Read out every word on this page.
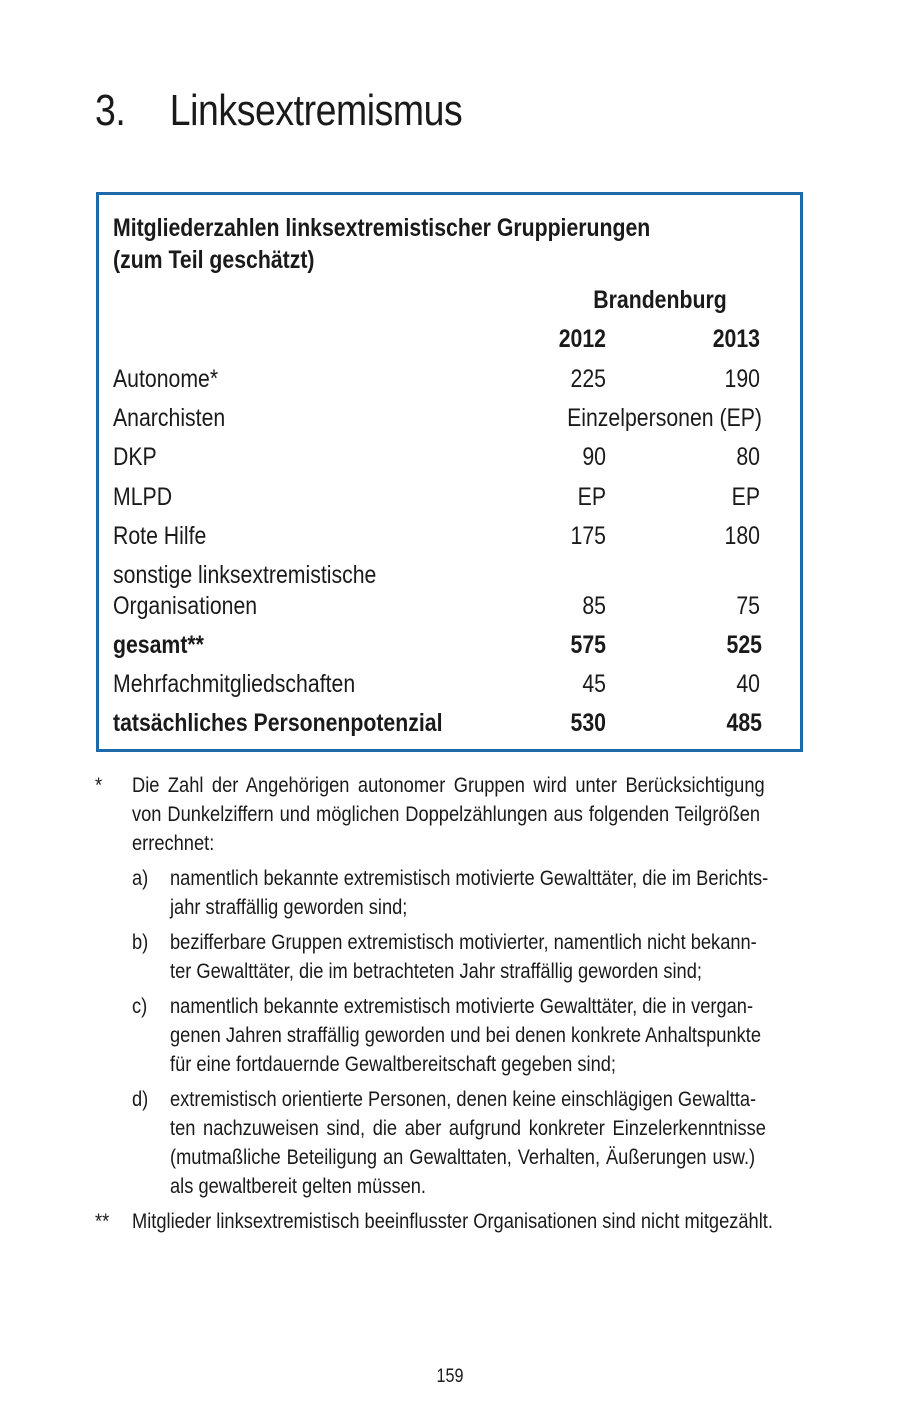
3. Linksextremismus
Mitgliederzahlen linksextremistischer Gruppierungen
(zum Teil geschätzt)
Brandenburg
2012	2013
Autonome*	225	190
Anarchisten	Einzelpersonen (EP)
DKP	90	80
MLPD	EP	EP
Rote Hilfe	175	180
sonstige linksextremistische
Organisationen	85	75
gesamt**	575	525
Mehrfachmitgliedschaften	45	40
tatsächliches Personenpotenzial	530	485
* Die Zahl der Angehörigen autonomer Gruppen wird unter Berücksichtigung
von Dunkelziffern und möglichen Doppelzählungen aus folgenden Teilgrößen
errechnet:
a) namentlich bekannte extremistisch motivierte Gewalttäter, die im Berichts-
jahr straffällig geworden sind;
b) bezifferbare Gruppen extremistisch motivierter, namentlich nicht bekann-
ter Gewalttäter, die im betrachteten Jahr straffällig geworden sind;
c) namentlich bekannte extremistisch motivierte Gewalttäter, die in vergan-
genen Jahren straffällig geworden und bei denen konkrete Anhaltspunkte
für eine fortdauernde Gewaltbereitschaft gegeben sind;
d) extremistisch orientierte Personen, denen keine einschlägigen Gewaltta-
ten nachzuweisen sind, die aber aufgrund konkreter Einzelerkenntnisse
(mutmaßliche Beteiligung an Gewalttaten, Verhalten, Äußerungen usw.)
als gewaltbereit gelten müssen.
** Mitglieder linksextremistisch beeinflusster Organisationen sind nicht mitgezählt.
159
